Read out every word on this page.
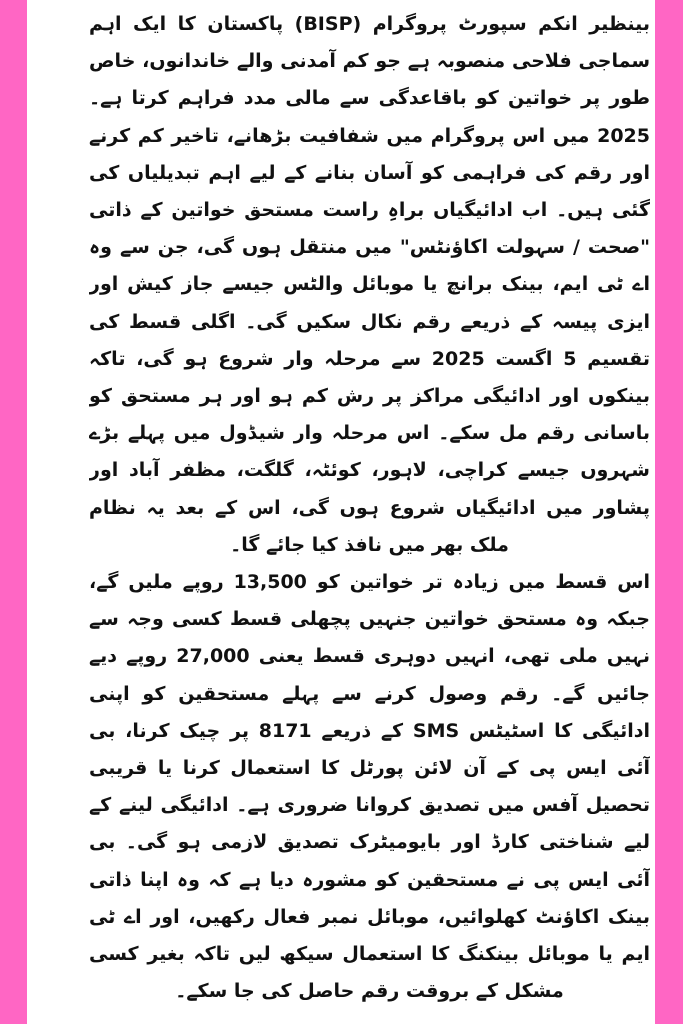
بینظیر انکم سپورٹ پروگرام (BISP) پاکستان کا ایک اہم سماجی فلاحی منصوبہ ہے جو کم آمدنی والے خاندانوں، خاص طور پر خواتین کو باقاعدگی سے مالی مدد فراہم کرتا ہے۔ 2025 میں اس پروگرام میں شفافیت بڑھانے، تاخیر کم کرنے اور رقم کی فراہمی کو آسان بنانے کے لیے اہم تبدیلیاں کی گئی ہیں۔ اب ادائیگیاں براہِ راست مستحق خواتین کے ذاتی "صحت / سہولت اکاؤنٹس" میں منتقل ہوں گی، جن سے وہ اے ٹی ایم، بینک برانچ یا موبائل والٹس جیسے جاز کیش اور ایزی پیسہ کے ذریعے رقم نکال سکیں گی۔ اگلی قسط کی تقسیم 5 اگست 2025 سے مرحلہ وار شروع ہو گی، تاکہ بینکوں اور ادائیگی مراکز پر رش کم ہو اور ہر مستحق کو باسانی رقم مل سکے۔ اس مرحلہ وار شیڈول میں پہلے بڑے شہروں جیسے کراچی، لاہور، کوئٹہ، گلگت، مظفر آباد اور پشاور میں ادائیگیاں شروع ہوں گی، اس کے بعد یہ نظام ملک بھر میں نافذ کیا جائے گا۔

اس قسط میں زیادہ تر خواتین کو 13,500 روپے ملیں گے، جبکہ وہ مستحق خواتین جنہیں پچھلی قسط کسی وجہ سے نہیں ملی تھی، انہیں دوہری قسط یعنی 27,000 روپے دیے جائیں گے۔ رقم وصول کرنے سے پہلے مستحقین کو اپنی ادائیگی کا اسٹیٹس SMS کے ذریعے 8171 پر چیک کرنا، بی آئی ایس پی کے آن لائن پورٹل کا استعمال کرنا یا قریبی تحصیل آفس میں تصدیق کروانا ضروری ہے۔ ادائیگی لینے کے لیے شناختی کارڈ اور بایومیٹرک تصدیق لازمی ہو گی۔ بی آئی ایس پی نے مستحقین کو مشورہ دیا ہے کہ وہ اپنا ذاتی بینک اکاؤنٹ کھلوائیں، موبائل نمبر فعال رکھیں، اور اے ٹی ایم یا موبائل بینکنگ کا استعمال سیکھ لیں تاکہ بغیر کسی مشکل کے بروقت رقم حاصل کی جا سکے۔
